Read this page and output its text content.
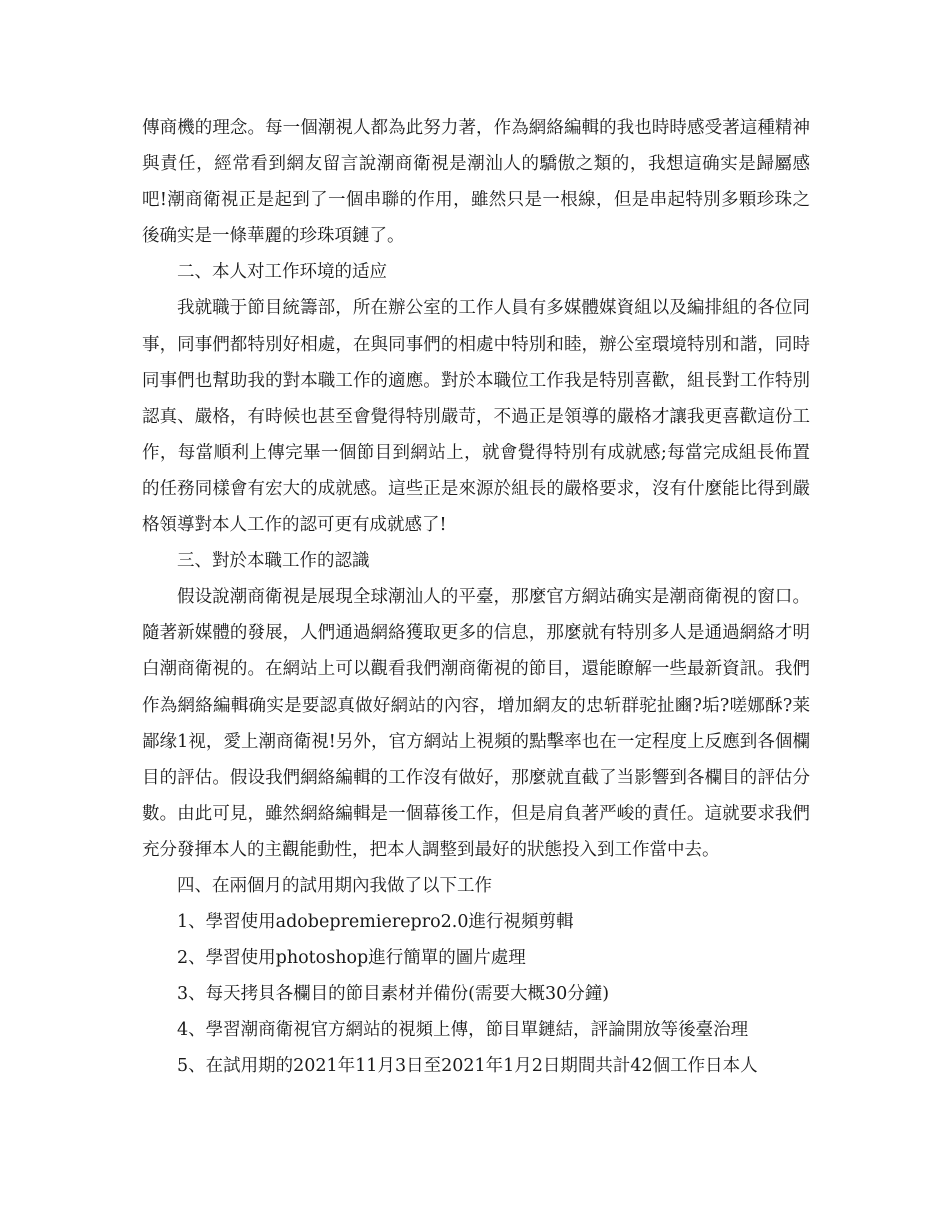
傳商機的理念。每一個潮視人都為此努力著，作為網絡編輯的我也時時感受著這種精神與責任，經常看到網友留言說潮商衛視是潮汕人的驕傲之類的，我想這确实是歸屬感吧!潮商衛視正是起到了一個串聯的作用，雖然只是一根線，但是串起特別多顆珍珠之後确实是一條華麗的珍珠項鏈了。

二、本人对工作环境的适应

我就職于節目統籌部，所在辦公室的工作人員有多媒體媒資組以及編排組的各位同事，同事們都特別好相處，在與同事們的相處中特別和睦，辦公室環境特別和諧，同時同事們也幫助我的對本職工作的適應。對於本職位工作我是特別喜歡，組長對工作特別認真、嚴格，有時候也甚至會覺得特別嚴苛，不過正是領導的嚴格才讓我更喜歡這份工作，每當順利上傳完畢一個節目到網站上，就會覺得特別有成就感;每當完成組長佈置的任務同樣會有宏大的成就感。這些正是來源於組長的嚴格要求，沒有什麼能比得到嚴格領導對本人工作的認可更有成就感了!

三、對於本職工作的認識

假设說潮商衛視是展現全球潮汕人的平臺，那麼官方網站确实是潮商衛視的窗口。隨著新媒體的發展，人們通過網絡獲取更多的信息，那麼就有特別多人是通過網絡才明白潮商衛視的。在網站上可以觀看我們潮商衛視的節目，還能瞭解一些最新資訊。我們作為網絡編輯确实是要認真做好網站的內容，增加網友的忠斩群驼扯豳?垢?嗟娜酥?莱鄙缘1视，愛上潮商衛視!另外，官方網站上視頻的點擊率也在一定程度上反應到各個欄目的評估。假设我們網絡編輯的工作沒有做好，那麼就直截了当影響到各欄目的評估分數。由此可見，雖然網絡編輯是一個幕後工作，但是肩負著严峻的責任。這就要求我們充分發揮本人的主觀能動性，把本人調整到最好的狀態投入到工作當中去。

四、在兩個月的試用期內我做了以下工作

1、學習使用adobepremierepro2.0進行視頻剪輯

2、學習使用photoshop進行簡單的圖片處理

3、每天拷貝各欄目的節目素材并備份(需要大概30分鐘)

4、學習潮商衛視官方網站的視頻上傳，節目單鏈結，評論開放等後臺治理

5、在試用期的2021年11月3日至2021年1月2日期間共計42個工作日本人
